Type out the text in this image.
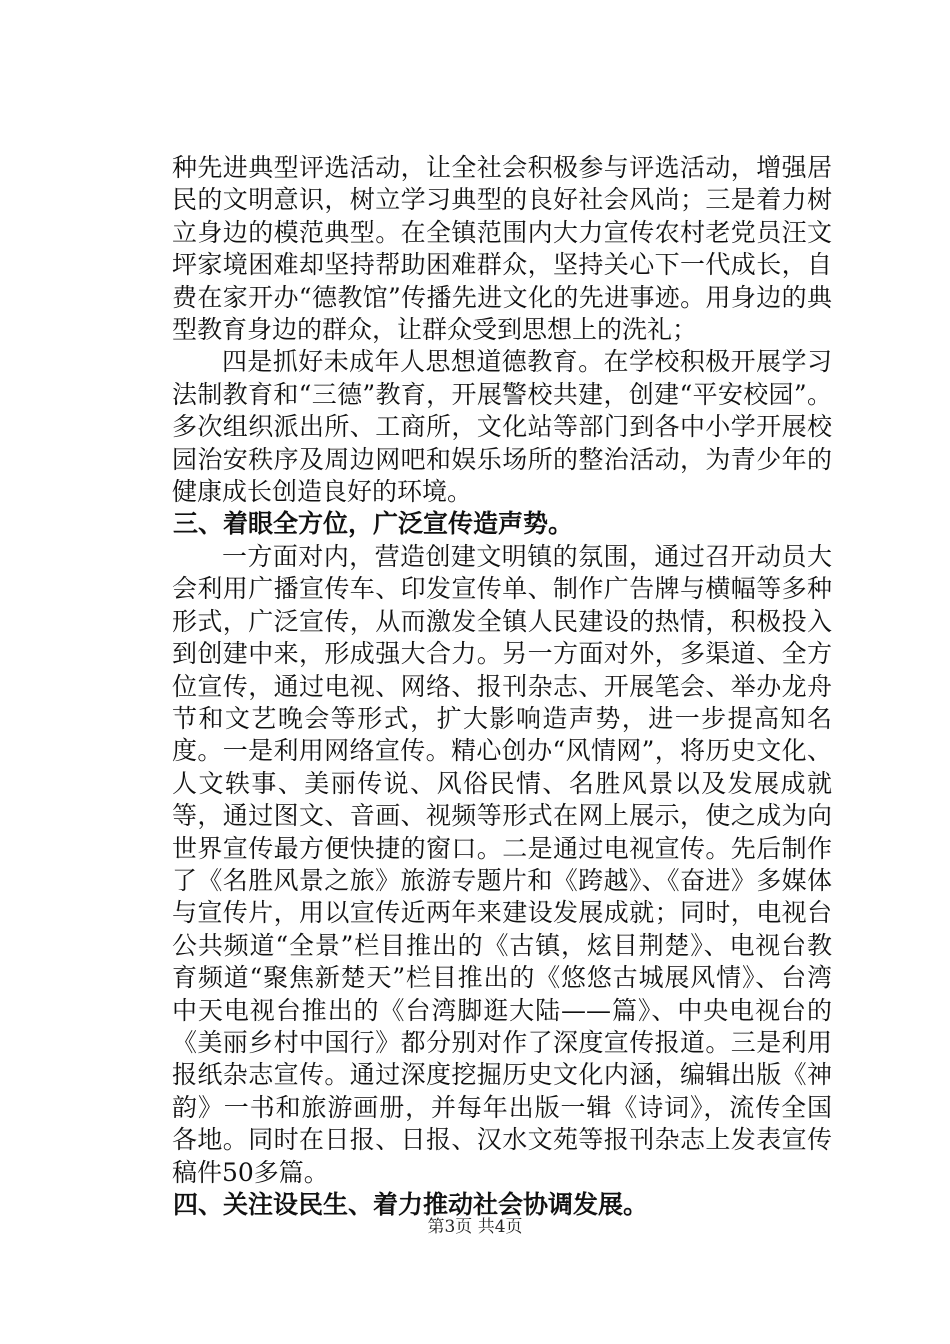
种先进典型评选活动，让全社会积极参与评选活动，增强居民的文明意识，树立学习典型的良好社会风尚；三是着力树立身边的模范典型。在全镇范围内大力宣传农村老党员汪文坪家境困难却坚持帮助困难群众，坚持关心下一代成长，自费在家开办“德教馆”传播先进文化的先进事迹。用身边的典型教育身边的群众，让群众受到思想上的洗礼；

四是抓好未成年人思想道德教育。在学校积极开展学习法制教育和“三德”教育，开展警校共建，创建“平安校园”。多次组织派出所、工商所，文化站等部门到各中小学开展校园治安秩序及周边网吧和娱乐场所的整治活动，为青少年的健康成长创造良好的环境。

三、着眼全方位，广泛宣传造声势。

一方面对内，营造创建文明镇的氛围，通过召开动员大会利用广播宣传车、印发宣传单、制作广告牌与横幅等多种形式，广泛宣传，从而激发全镇人民建设的热情，积极投入到创建中来，形成强大合力。另一方面对外，多渠道、全方位宣传，通过电视、网络、报刊杂志、开展笔会、举办龙舟节和文艺晚会等形式，扩大影响造声势，进一步提高知名度。一是利用网络宣传。精心创办“风情网”，将历史文化、人文轶事、美丽传说、风俗民情、名胜风景以及发展成就等，通过图文、音画、视频等形式在网上展示，使之成为向世界宣传最方便快捷的窗口。二是通过电视宣传。先后制作了《名胜风景之旅》旅游专题片和《跨越》、《奋进》多媒体与宣传片，用以宣传近两年来建设发展成就；同时，电视台公共频道“全景”栏目推出的《古镇，炫目荆楚》、电视台教育频道“聚焦新楚天”栏目推出的《悠悠古城展风情》、台湾中天电视台推出的《台湾脚逛大陆——篇》、中央电视台的《美丽乡村中国行》都分别对作了深度宣传报道。三是利用报纸杂志宣传。通过深度挖掘历史文化内涵，编辑出版《神韵》一书和旅游画册，并每年出版一辑《诗词》，流传全国各地。同时在日报、日报、汉水文苑等报刊杂志上发表宣传稿件50多篇。

四、关注设民生、着力推动社会协调发展。

第3页 共4页
